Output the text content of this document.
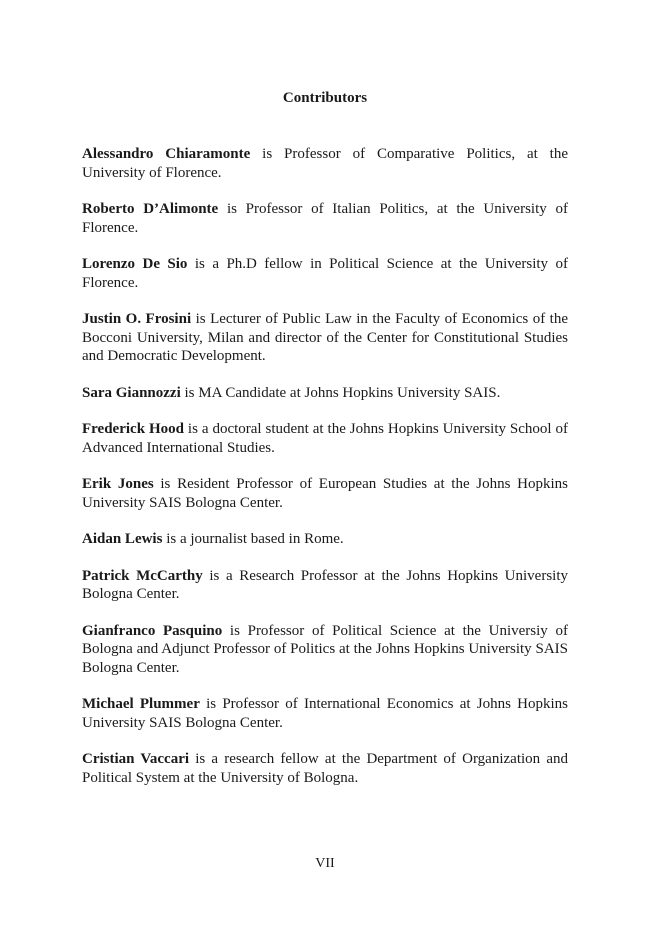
Contributors

Alessandro Chiaramonte is Professor of Comparative Politics, at the University of Florence.

Roberto D’Alimonte is Professor of Italian Politics, at the University of Florence.

Lorenzo De Sio is a Ph.D fellow in Political Science at the University of Florence.

Justin O. Frosini is Lecturer of Public Law in the Faculty of Economics of the Bocconi University, Milan and director of the Center for Constitutional Studies and Democratic Development.

Sara Giannozzi is MA Candidate at Johns Hopkins University SAIS.

Frederick Hood is a doctoral student at the Johns Hopkins University School of Advanced International Studies.

Erik Jones is Resident Professor of European Studies at the Johns Hopkins University SAIS Bologna Center.

Aidan Lewis is a journalist based in Rome.

Patrick McCarthy is a Research Professor at the Johns Hopkins University Bologna Center.

Gianfranco Pasquino is Professor of Political Science at the Universiy of Bologna and Adjunct Professor of Politics at the Johns Hopkins University SAIS Bologna Center.

Michael Plummer is Professor of International Economics at Johns Hopkins University SAIS Bologna Center.

Cristian Vaccari is a research fellow at the Department of Organization and Political System at the University of Bologna.

VII
